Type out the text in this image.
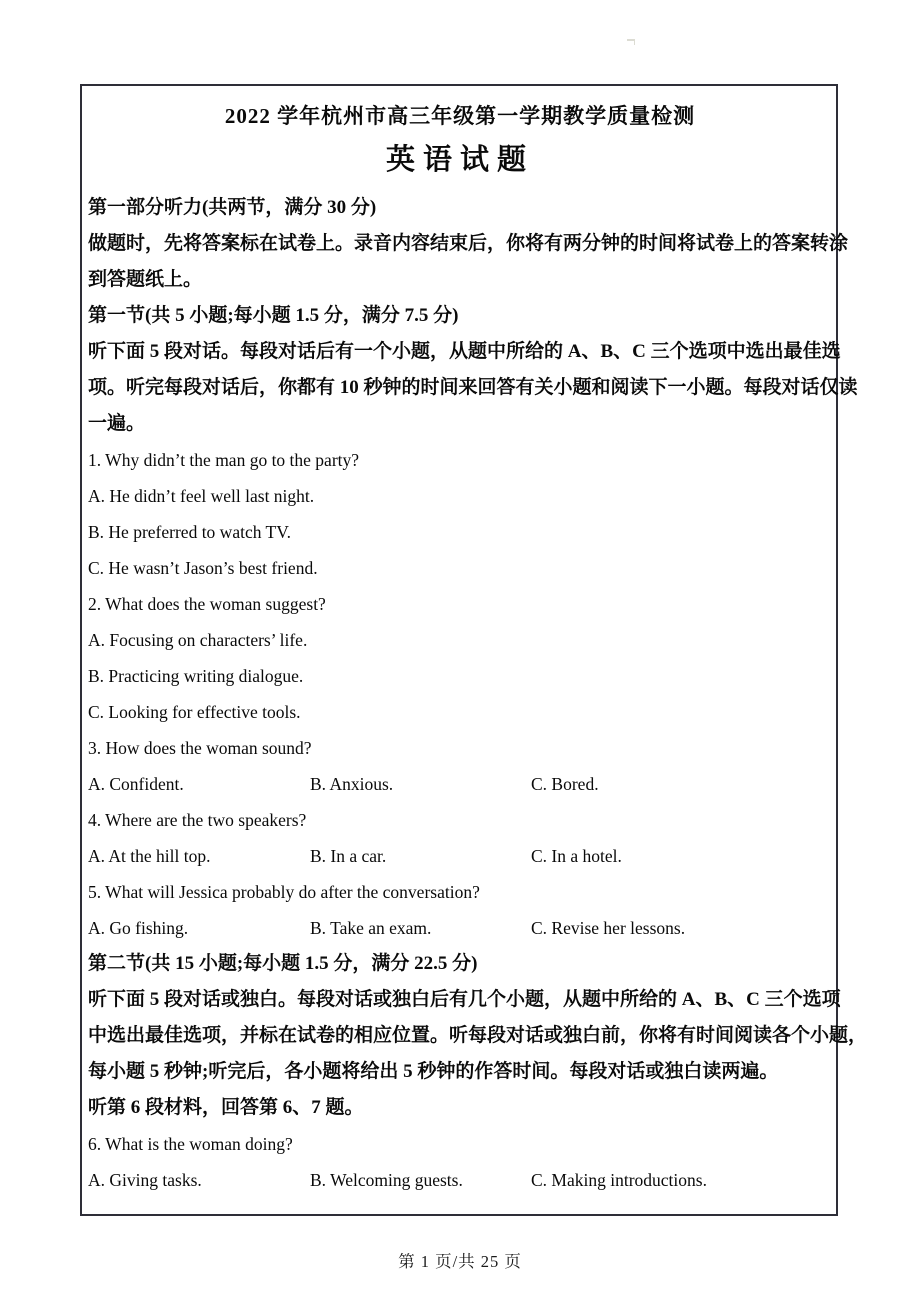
2022 学年杭州市高三年级第一学期教学质量检测
英语试题
第一部分听力(共两节，满分 30 分)
做题时，先将答案标在试卷上。录音内容结束后，你将有两分钟的时间将试卷上的答案转涂
到答题纸上。
第一节(共 5 小题;每小题 1.5 分，满分 7.5 分)
听下面 5 段对话。每段对话后有一个小题，从题中所给的 A、B、C 三个选项中选出最佳选
项。听完每段对话后，你都有 10 秒钟的时间来回答有关小题和阅读下一小题。每段对话仅读
一遍。
1. Why didn’t the man go to the party?
A. He didn’t feel well last night.
B. He preferred to watch TV.
C. He wasn’t Jason’s best friend.
2. What does the woman suggest?
A. Focusing on characters’ life.
B. Practicing writing dialogue.
C. Looking for effective tools.
3. How does the woman sound?
A. Confident.	B. Anxious.	C. Bored.
4. Where are the two speakers?
A. At the hill top.	B. In a car.	C. In a hotel.
5. What will Jessica probably do after the conversation?
A. Go fishing.	B. Take an exam.	C. Revise her lessons.
第二节(共 15 小题;每小题 1.5 分，满分 22.5 分)
听下面 5 段对话或独白。每段对话或独白后有几个小题，从题中所给的 A、B、C 三个选项
中选出最佳选项，并标在试卷的相应位置。听每段对话或独白前，你将有时间阅读各个小题，
每小题 5 秒钟;听完后，各小题将给出 5 秒钟的作答时间。每段对话或独白读两遍。
听第 6 段材料，回答第 6、7 题。
6. What is the woman doing?
A. Giving tasks.	B. Welcoming guests.	C. Making introductions.
第 1 页/共 25 页
